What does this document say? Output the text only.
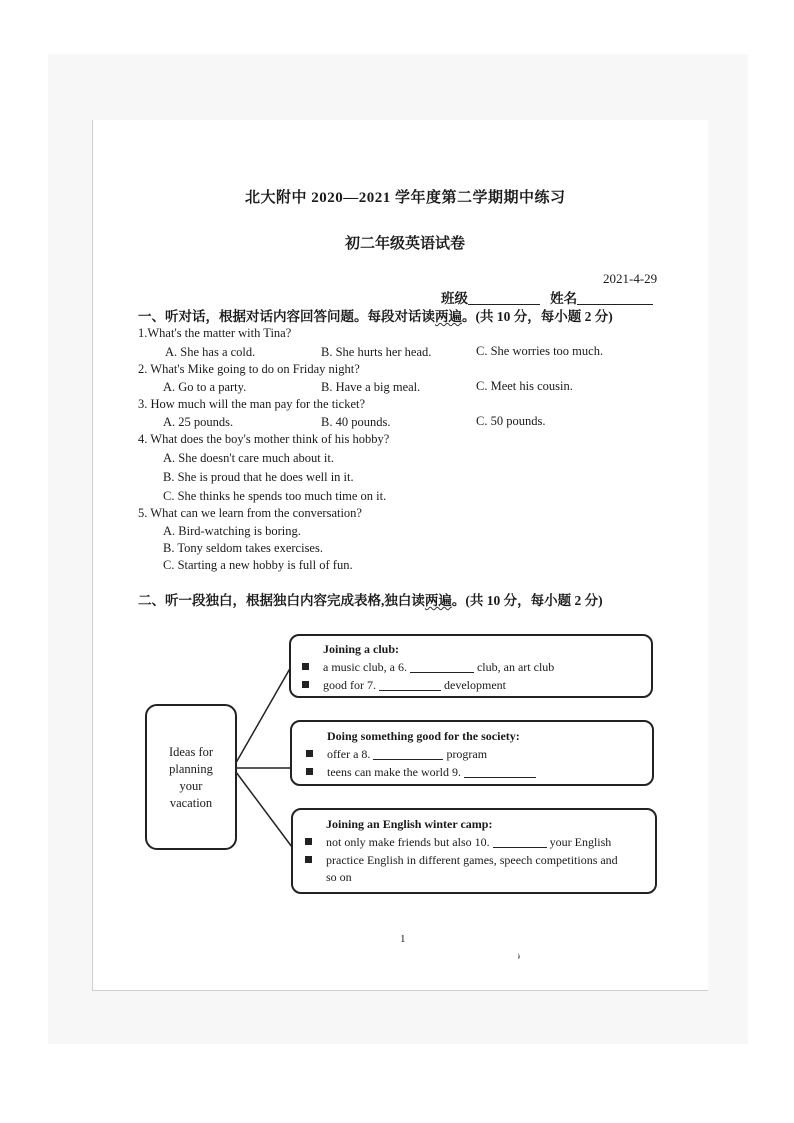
北大附中 2020—2021 学年度第二学期期中练习
初二年级英语试卷
2021-4-29
班级	姓名
一、听对话，根据对话内容回答问题。每段对话读两遍。(共 10 分，每小题 2 分)
1.What's the matter with Tina?
A. She has a cold.	B. She hurts her head.	C. She worries too much.
2. What's Mike going to do on Friday night?
A. Go to a party.	B. Have a big meal.	C. Meet his cousin.
3. How much will the man pay for the ticket?
A. 25 pounds.	B. 40 pounds.	C. 50 pounds.
4. What does the boy's mother think of his hobby?
A. She doesn't care much about it.
B. She is proud that he does well in it.
C. She thinks he spends too much time on it.
5. What can we learn from the conversation?
A. Bird-watching is boring.
B. Tony seldom takes exercises.
C. Starting a new hobby is full of fun.
二、听一段独白，根据独白内容完成表格,独白读两遍。(共 10 分，每小题 2 分)
Ideas for
planning
your
vacation
Joining a club:
a music club, a 6.	club, an art club
good for 7.	development
Doing something good for the society:
offer a 8.	program
teens can make the world 9.
Joining an English winter camp:
not only make friends but also 10.	your English
practice English in different games, speech competitions and
so on
1
ヽ
